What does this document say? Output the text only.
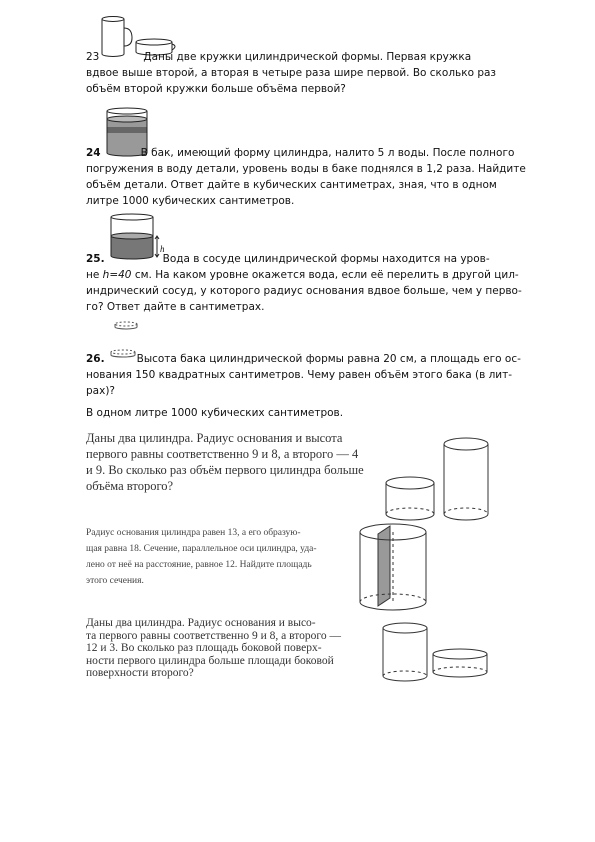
23	Даны две кружки цилиндрической формы. Первая кружка
вдвое выше второй, а вторая в четыре раза шире первой. Во сколько раз
объём второй кружки больше объёма первой?
24	В бак, имеющий форму цилиндра, налито 5 л воды. После полного
погружения в воду детали, уровень воды в баке поднялся в 1,2 раза. Найдите
объём детали. Ответ дайте в кубических сантиметрах, зная, что в одном
литре 1000 кубических сантиметров.
h
25.	Вода в сосуде цилиндрической формы находится на уров-
не h=40 см. На каком уровне окажется вода, если её перелить в другой цил-
индрический сосуд, у которого радиус основания вдвое больше, чем у перво-
го? Ответ дайте в сантиметрах.
26.	Высота бака цилиндрической формы равна 20 см, а площадь его ос-
нования 150 квадратных сантиметров. Чему равен объём этого бака (в лит-
рах)?
В одном литре 1000 кубических сантиметров.
Даны два цилиндра. Радиус основания и высота
первого равны соответственно 9 и 8, а второго — 4
и 9. Во сколько раз объём первого цилиндра больше
объёма второго?
Радиус основания цилиндра равен 13, а его образую-
щая равна 18. Сечение, параллельное оси цилиндра, уда-
лено от неё на расстояние, равное 12. Найдите площадь
этого сечения.
Даны два цилиндра. Радиус основания и высо-
та первого равны соответственно 9 и 8, а второго —
12 и 3. Во сколько раз площадь боковой поверх-
ности первого цилиндра больше площади боковой
поверхности второго?
